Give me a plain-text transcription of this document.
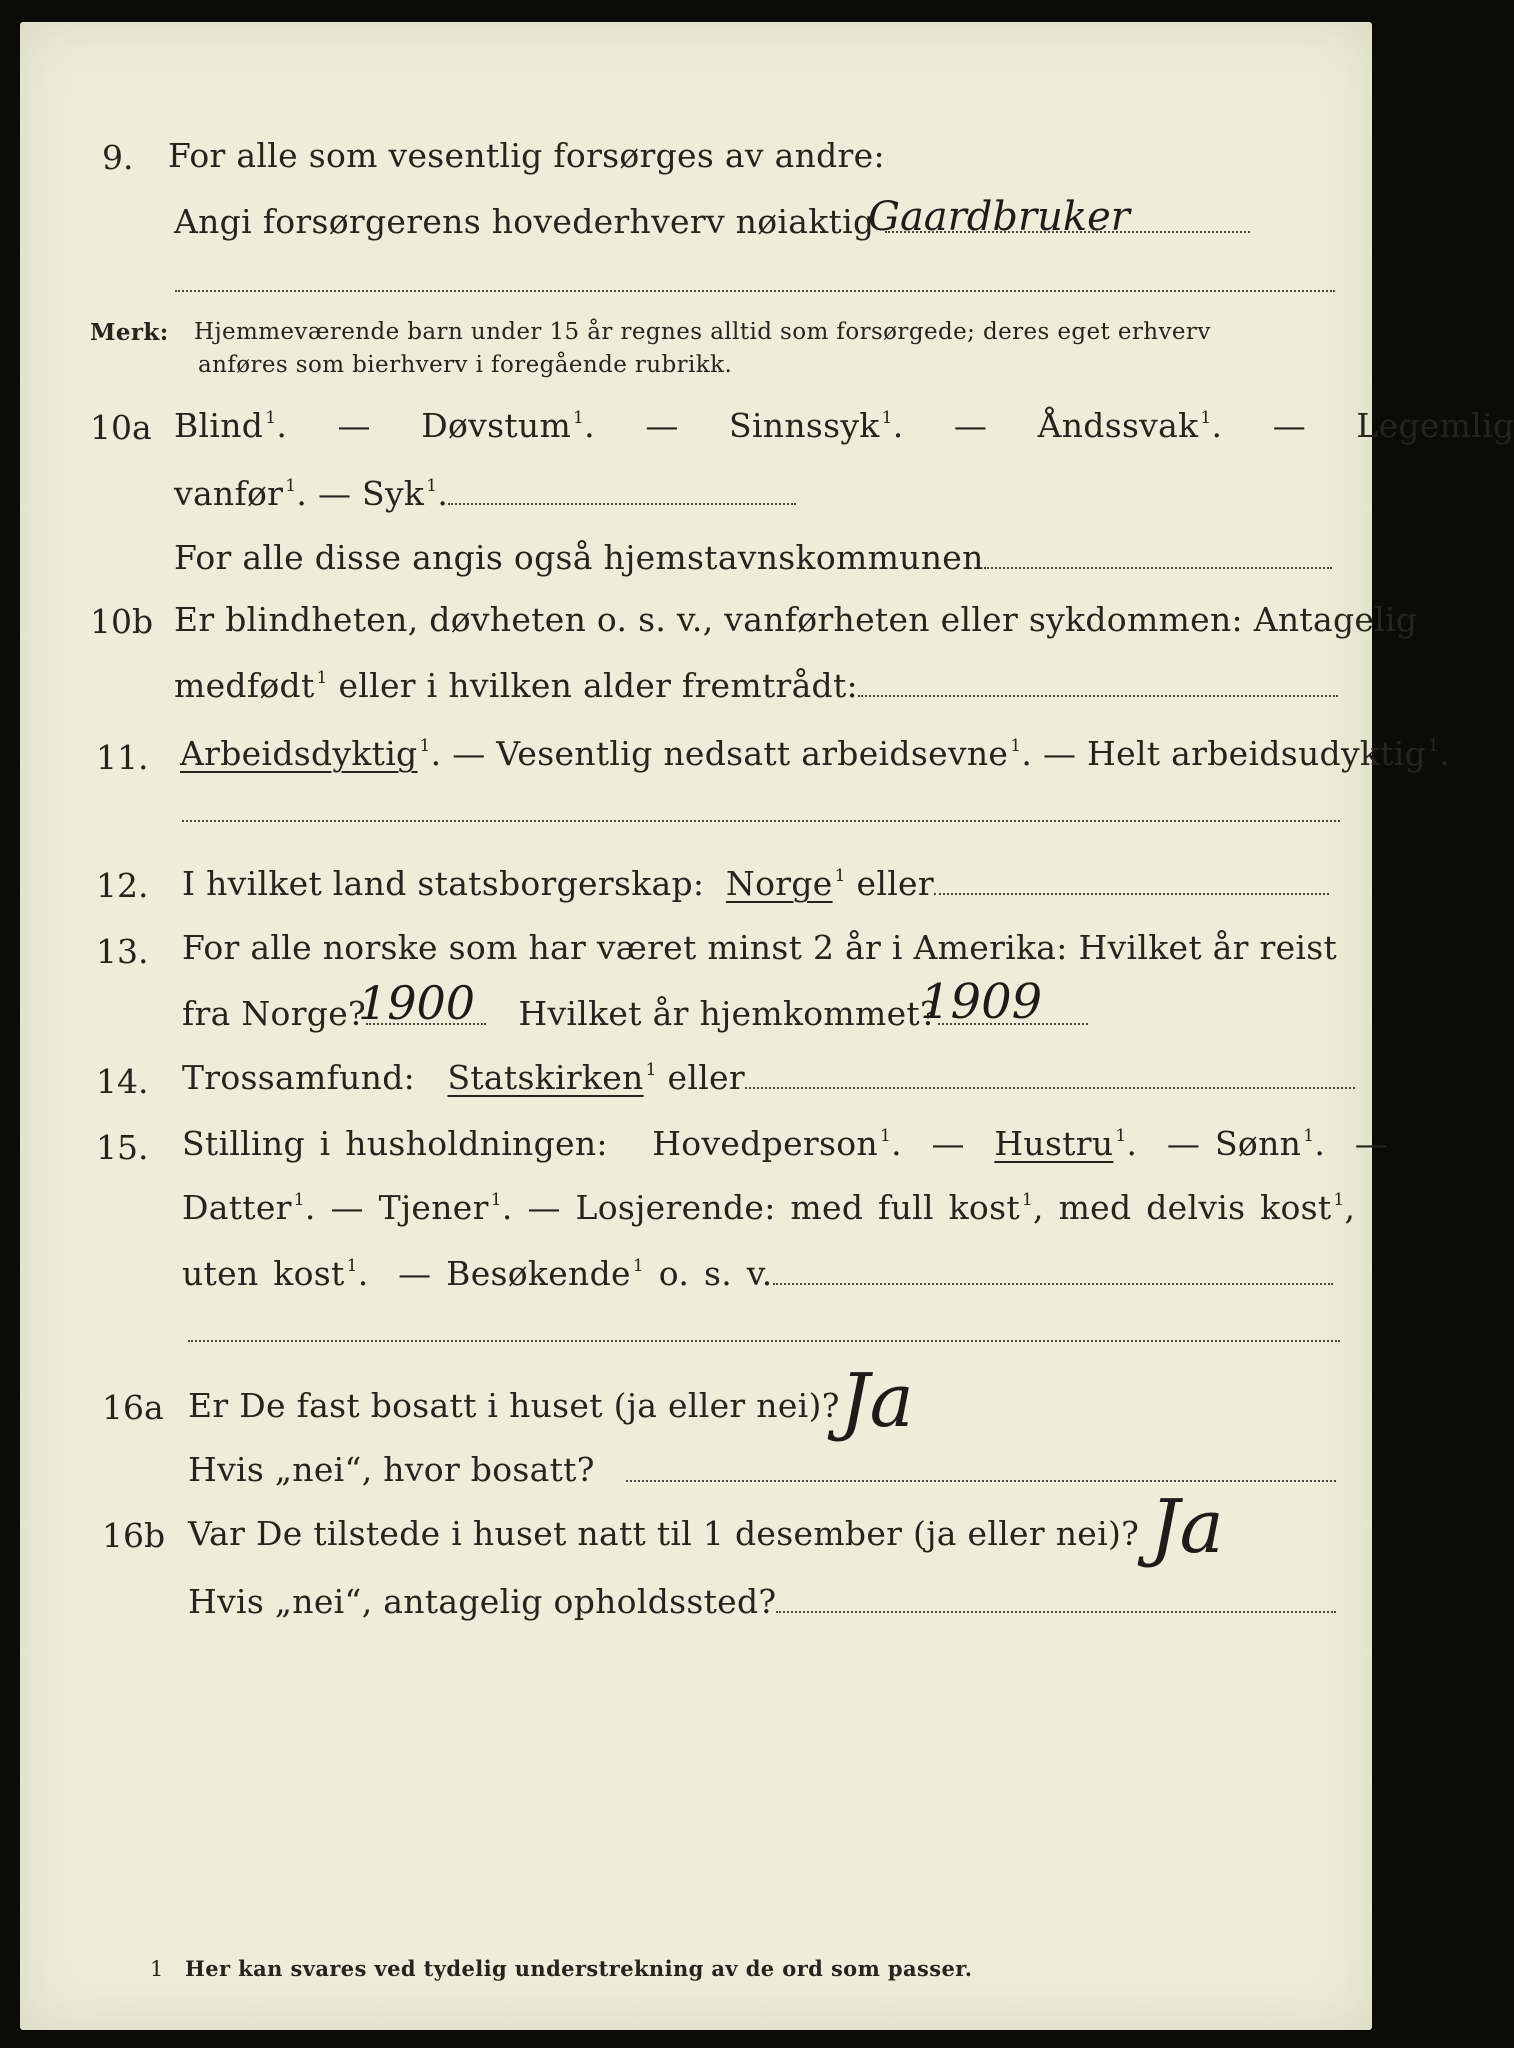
9. For alle som vesentlig forsørges av andre:
Angi forsørgerens hovederhverv nøiaktig
Gaardbruker
Merk: Hjemmeværende barn under 15 år regnes alltid som forsørgede; deres eget erhverv
anføres som bierhverv i foregående rubrikk.
10a Blind $^1$.   — Døvstum $^1$.   — Sinnssyk $^1$.   — Åndssvak $^1$.   — Legemlig
vanfør $^1$. — Syk $^1$.
For alle disse angis også hjemstavnskommunen
10b Er blindheten, døvheten o. s. v., vanførheten eller sykdommen: Antagelig
medfødt $^1$ eller i hvilken alder fremtrådt:
11. Arbeidsdyktig $^1$. — Vesentlig nedsatt arbeidsevne $^1$. — Helt arbeidsudyktig $^1$.
12. I hvilket land statsborgerskap: Norge $^1$ eller
13. For alle norske som har været minst 2 år i Amerika: Hvilket år reist
fra Norge?	Hvilket år hjemkommet?
1900	1909
14. Trossamfund: Statskirken $^1$ eller
15. Stilling i husholdningen: Hovedperson $^1$.  — Hustru $^1$.  — Sønn $^1$.  —
Datter $^1$. — Tjener $^1$. — Losjerende: med full kost $^1$, med delvis kost $^1$,
uten kost $^1$.  — Besøkende $^1$ o. s. v.
16a Er De fast bosatt i huset (ja eller nei)? Ja
Hvis „nei“, hvor bosatt?
16b Var De tilstede i huset natt til 1 desember (ja eller nei)? Ja
Hvis „nei“, antagelig opholdssted?
1 Her kan svares ved tydelig understrekning av de ord som passer.
